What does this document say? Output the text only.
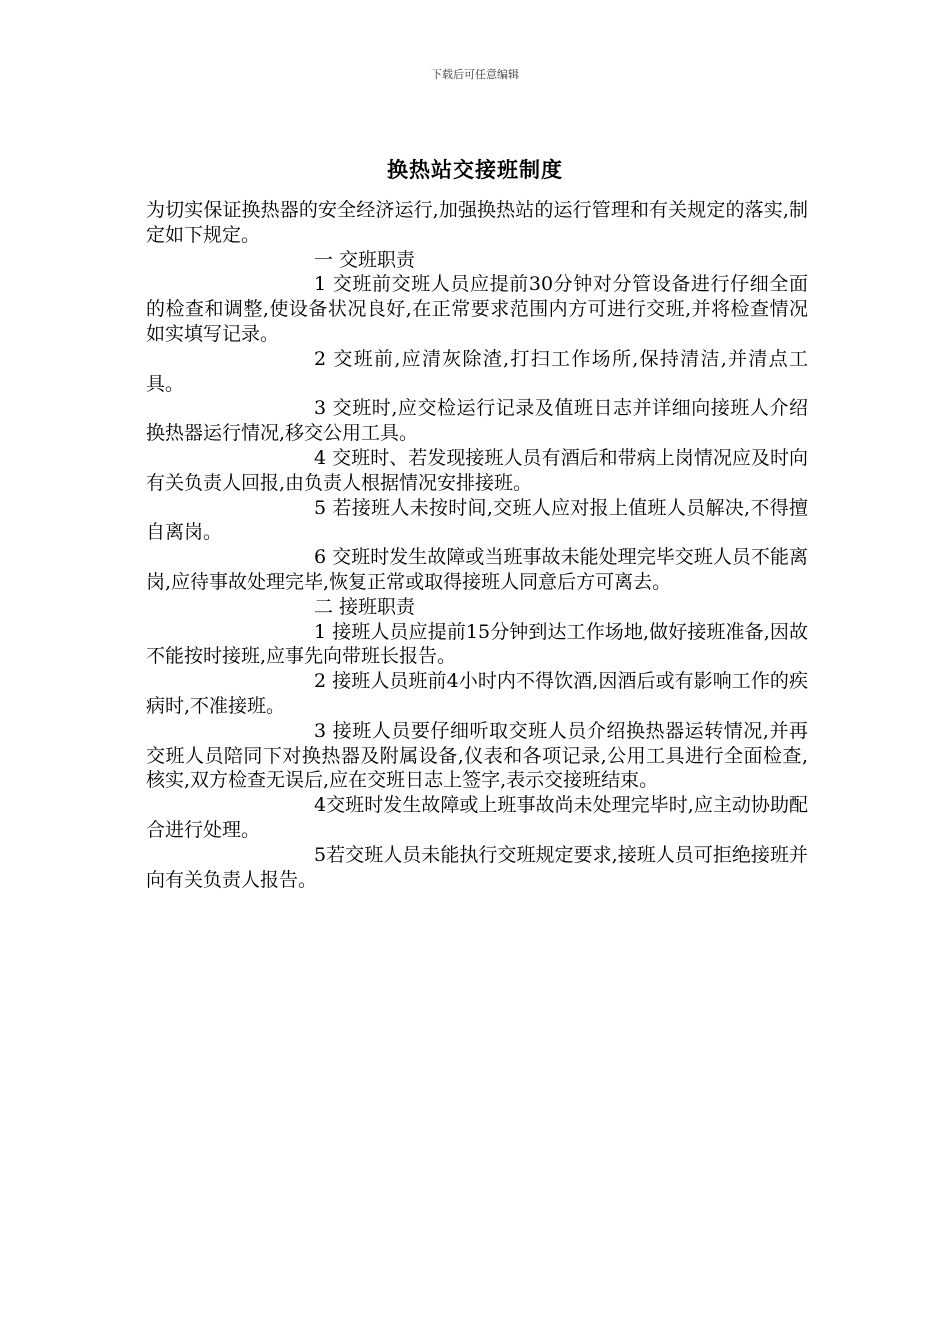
下载后可任意编辑
换热站交接班制度

为切实保证换热器的安全经济运行,加强换热站的运行管理和有关规定的落实,制定如下规定。

一 交班职责

1 交班前交班人员应提前30分钟对分管设备进行仔细全面的检查和调整,使设备状况良好,在正常要求范围内方可进行交班,并将检查情况如实填写记录。

2 交班前,应清灰除渣,打扫工作场所,保持清洁,并清点工具。

3 交班时,应交检运行记录及值班日志并详细向接班人介绍换热器运行情况,移交公用工具。

4 交班时、若发现接班人员有酒后和带病上岗情况应及时向有关负责人回报,由负责人根据情况安排接班。

5 若接班人未按时间,交班人应对报上值班人员解决,不得擅自离岗。

6 交班时发生故障或当班事故未能处理完毕交班人员不能离岗,应待事故处理完毕,恢复正常或取得接班人同意后方可离去。

二 接班职责

1 接班人员应提前15分钟到达工作场地,做好接班准备,因故不能按时接班,应事先向带班长报告。

2 接班人员班前4小时内不得饮酒,因酒后或有影响工作的疾病时,不准接班。

3 接班人员要仔细听取交班人员介绍换热器运转情况,并再交班人员陪同下对换热器及附属设备,仪表和各项记录,公用工具进行全面检查,核实,双方检查无误后,应在交班日志上签字,表示交接班结束。

4交班时发生故障或上班事故尚未处理完毕时,应主动协助配合进行处理。

5若交班人员未能执行交班规定要求,接班人员可拒绝接班并向有关负责人报告。
